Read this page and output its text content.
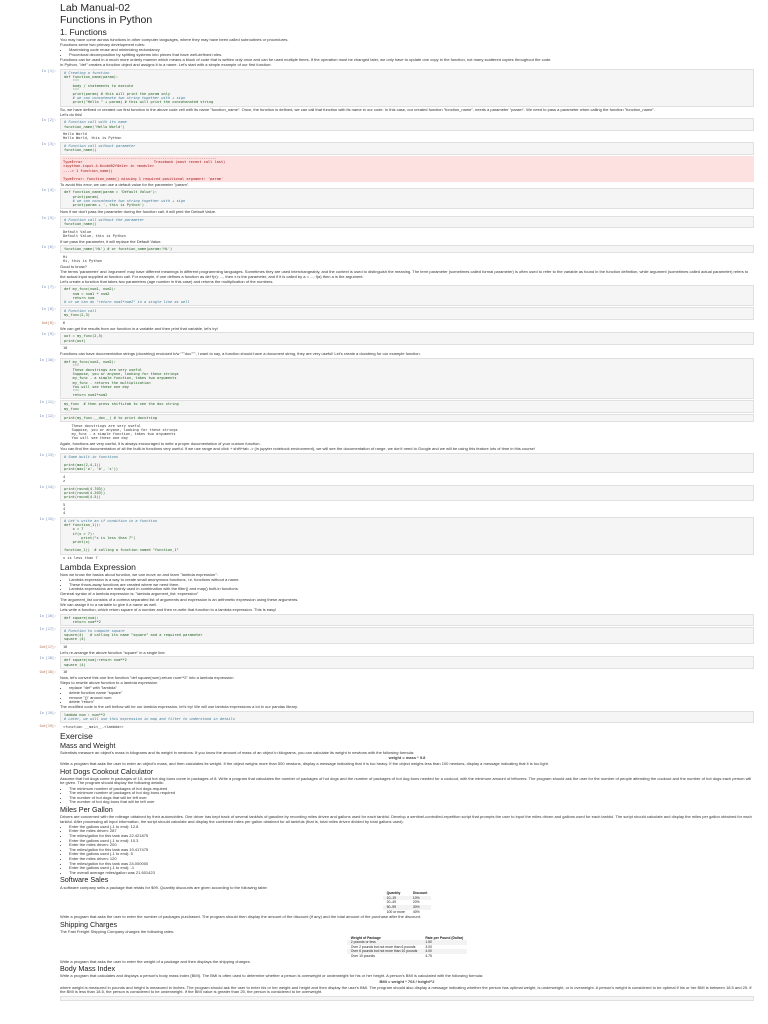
Lab Manual-02
Functions in Python
1. Functions

You may have come across functions in other computer languages, where they may have been called subroutines or procedures.

Functions serve two primary development roles:

• Maximizing code reuse and minimizing redundancy
• Procedural decomposition by splitting systems into pieces that have well-defined roles.

Functions can be used in a much more orderly manner which means a block of code that is written only once and can be used multiple times. If the operation must be changed later, we only have to update one copy in the function, not many scattered copies throughout the code.

In Python, "def" creates a function object and assigns it to a name. Let's start with a simple example of our first function:

In [1]: # Creating a function
def function_name(param):
"""
body / statements to execute
"""
print(param) # this will print the param only
# we can concatenate two string together with + sign
print("Hello " + param) # this will print the concatenated string

So, we have defined or created our first function in the above code cell with its name "function_name". Once, the function is defined, we can call that function with its name in our code. In this case, our created function "function_name", needs a parameter "param". We need to pass a parameter when calling the function "function_name".

Let's do this!

In [2]: # Function call with its name
function_name('Hello World')
Hello World
Hello World, this is Python
In [3]: # Function call without parameter
function_name()
-----------------------------------------------------------------------
TypeError                                 Traceback (most recent call last)
<ipython-input-4-0ccdd02f0e1e> in <module>
----> 1 function_name()

TypeError: function_name() missing 1 required positional argument: 'param'

To avoid this error, we can use a default value for the parameter "param".

In [4]: def function_name(param = 'Default Value'):
print(param)
# we can concatenate two string together with + sign
print(param + ', this is Python')

Now if we don't pass the parameter during the function call, it will print the Default Value.

In [5]: # Function call without the parameter
function_name()
Default Value
Default Value, this is Python

If we pass the parameter, it will replace the Default Value.

In [6]: function_name('Hi') # or function_name(param='Hi')
Hi
Hi, this is Python

Good to know?

The terms 'parameter' and 'argument' may have different meanings in different programming languages. Sometimes they are used interchangeably, and the context is used to distinguish the meaning. The term parameter (sometimes called formal parameter) is often used to refer to the variable as found in the function definition, while argument (sometimes called actual parameter) refers to the actual input supplied at function call. For example, if one defines a function as def f(x): ..., then x is the parameter, and if it is called by a = ...; f(a) then a is the argument.

Let's create a function that takes two parameters (age number in this case) and returns the multiplication of the numbers.

In [7]: def my_func(num1, num2):
num = num1 * num2
return num
# or we can do "return num1*num2" in a single line as well
In [8]: # Function call
my_func(2,3)
Out[8]: 6

We can get the results from our function in a variable and then print that variable, let's try!

In [9]: out = my_func(2,5)
print(out)
10

Functions can have documentation strings (docstring) enclosed b/w """doc""", I want to say, a function should have a document string, they are very useful! Let's create a docstring for our example function.

In [10]: def my_func(num1, num2):
"""
These docstrings are very useful
Suppose, you or anyone, looking for these strings
my_func - a simple function, takes two arguments
my_func - returns the multiplication
You will see these one day
"""
return num1*num2
In [11]: my_func  # then press shift+tab to see the doc string
my_func
In [12]: print(my_func.__doc__) # to print docstring
These docstrings are very useful
Suppose, you or anyone, looking for these strings
my_func - a simple function, takes two arguments
You will see these one day

Again, functions are very useful, it is always encouraged to write a proper documentation of your custom function.

You can find the documentation of all the built-in functions very useful. If we use range and click + shift+tab -> (in jupyter notebook environment), we will see the documentation of range, we don't need to Google and we will be using this feature lots of time in this course!

In [13]: # Some built-in functions

print(max(2,4,1))
print(max('a', 'b', 'z'))
4
z
In [14]: print(round(4.703))
print(round(4.203))
print(round(4.5))
5
4
4
In [15]: # Let's write an if condition in a function
def function_1():
x = 7
if(x > 7):
print("x is less than 7")
print(x)

function_1()  # calling a function named "function_1"
x is less than 7
Lambda Expression

Now we know the basics about function, we can move on and learn "lambda expression":

• Lambda expression is a way to create small anonymous functions, i.e. functions without a name.
• These throw-away functions are created where we need them.
• Lambda expressions are mainly used in combination with the filter() and map() built-in functions.

General syntax of a lambda expression is: "lambda argument_list: expression"

The argument_list consists of a comma separated list of arguments and expression is an arithmetic expression using these arguments.

We can assign it to a variable to give it a name as well.

Lets write a function, which return square of a number and then re-write that function to a lambda expression. This is easy!

In [16]: def square(num):
return num**2
In [17]: # Function to compute square
square(4)   # calling its name "square" and a required parameter
square (4)
Out[17]: 16

Let's re-arrange the above function "square" in a single line.

In [18]: def square(num):return num**2
square (4)
Out[18]: 16

Now, let's convert this one line function "def square(num):return num**2" into a lambda expression

Steps to rewrite above function to a lambda expression

• replace "def" with "lambda"
• delete function name "square"
• remove "()" around num
• delete "return"

The modified code in the cell bellow will be our lambda expression, let's try! We will use lambda expressions a lot in our pandas library.

In [19]: lambda num : num**2
# Later, we will use this expression in map and filter to understand in details
Out[19]: <function __main__.<lambda>>
Exercise
Mass and Weight

Scientists measure an object's mass in kilograms and its weight in newtons. If you know the amount of mass of an object in kilograms, you can calculate its weight in newtons with the following formula:

weight = mass * 9.8

Write a program that asks the user to enter an object's mass, and then calculates its weight. If the object weighs more than 500 newtons, display a message indicating that it is too heavy. If the object weighs less than 100 newtons, display a message indicating that it is too light.

Hot Dogs Cookout Calculator

Assume that hot dogs come in packages of 10, and hot dog buns come in packages of 8. Write a program that calculates the number of packages of hot dogs and the number of packages of hot dog buns needed for a cookout, with the minimum amount of leftovers. The program should ask the user for the number of people attending the cookout and the number of hot dogs each person will be given. The program should display the following details:

• The minimum number of packages of hot dogs required
• The minimum number of packages of hot dog buns required
• The number of hot dogs that will be left over
• The number of hot dog buns that will be left over
Miles Per Gallon

Drivers are concerned with the mileage obtained by their automobiles. One driver has kept track of several tankfuls of gasoline by recording miles driven and gallons used for each tankful. Develop a sentinel-controlled-repetition script that prompts the user to input the miles driven and gallons used for each tankful. The script should calculate and display the miles per gallon obtained for each tankful. After processing all input information, the script should calculate and display the combined miles per gallon obtained for all tankfuls (that is, total miles driven divided by total gallons used).

• Enter the gallons used (-1 to end): 12.8
• Enter the miles driven: 287
• The miles/gallon for this tank was 22.421875
• Enter the gallons used (-1 to end): 10.3
• Enter the miles driven: 200
• The miles/gallon for this tank was 19.417475
• Enter the gallons used (-1 to end): 5
• Enter the miles driven: 120
• The miles/gallon for this tank was 24.000000
• Enter the gallons used (-1 to end): -1
• The overall average miles/gallon was 21.601423
Software Sales

A software company sells a package that retails for $99. Quantity discounts are given according to the following table:

Quantity	Discount
10–19	10%
20–49	20%
50–99	30%
100 or more	40%

Write a program that asks the user to enter the number of packages purchased. The program should then display the amount of the discount (if any) and the total amount of the purchase after the discount.

Shipping Charges

The Fast Freight Shipping Company charges the following rates:

Weight of Package	Rate per Pound (Dollar)
2 pounds or less	1.50
Over 2 pounds but not more than 6 pounds	3.00
Over 6 pounds but not more than 10 pounds	4.00
Over 10 pounds	4.75

Write a program that asks the user to enter the weight of a package and then displays the shipping charges.

Body Mass Index

Write a program that calculates and displays a person's body mass index (BMI). The BMI is often used to determine whether a person is overweight or underweight for his or her height. A person's BMI is calculated with the following formula:

BMI = weight * 703 / height^2

where weight is measured in pounds and height is measured in inches. The program should ask the user to enter his or her weight and height and then display the user's BMI. The program should also display a message indicating whether the person has optimal weight, is underweight, or is overweight. A person's weight is considered to be optimal if his or her BMI is between 18.5 and 25. If the BMI is less than 18.5, the person is considered to be underweight. If the BMI value is greater than 25, the person is considered to be overweight.
